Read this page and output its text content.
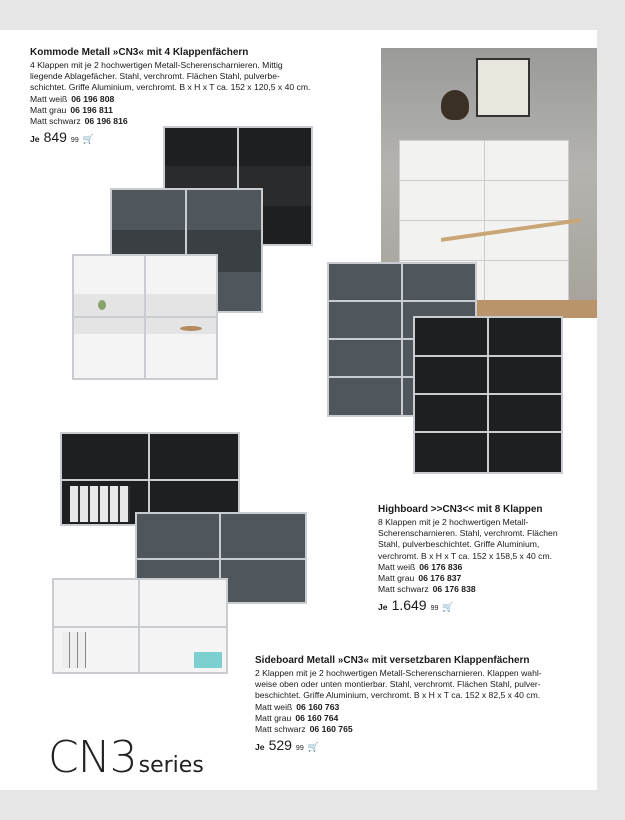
Kommode Metall »CN3« mit 4 Klappenfächern
4 Klappen mit je 2 hochwertigen Metall-Scherenscharnieren. Mittig
liegende Ablagefächer. Stahl, verchromt. Flächen Stahl, pulverbe-
schichtet. Griffe Aluminium, verchromt. B x H x T ca. 152 x 120,5 x 40 cm.
Matt weiß 06 196 808
Matt grau 06 196 811
Matt schwarz 06 196 816
Je 849 99 🛒
Highboard >>CN3<< mit 8 Klappen
8 Klappen mit je 2 hochwertigen Metall-
Scherenscharnieren. Stahl, verchromt. Flächen
Stahl, pulverbeschichtet. Griffe Aluminium,
verchromt. B x H x T ca. 152 x 158,5 x 40 cm.
Matt weiß 06 176 836
Matt grau 06 176 837
Matt schwarz 06 176 838
Je 1.649 99 🛒
Sideboard Metall »CN3« mit versetzbaren Klappenfächern
2 Klappen mit je 2 hochwertigen Metall-Scherenscharnieren. Klappen wahl-
weise oben oder unten montierbar. Stahl, verchromt. Flächen Stahl, pulver-
beschichtet. Griffe Aluminium, verchromt. B x H x T ca. 152 x 82,5 x 40 cm.
Matt weiß 06 160 763
Matt grau 06 160 764
Matt schwarz 06 160 765
Je 529 99 🛒
CN3series
